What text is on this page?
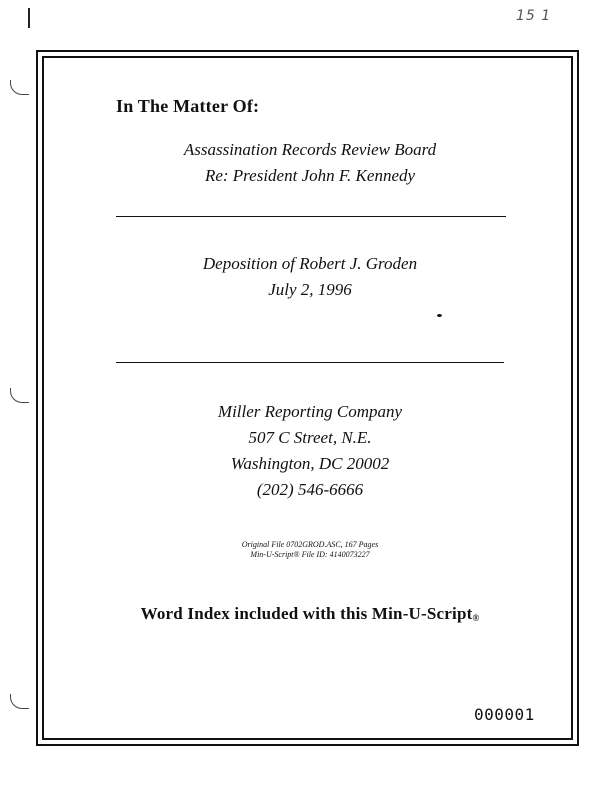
15 1
In The Matter Of:
Assassination Records Review Board
Re: President John F. Kennedy
Deposition of Robert J. Groden
July 2, 1996
Miller Reporting Company
507 C Street, N.E.
Washington, DC 20002
(202) 546-6666
Original File 0702GROD.ASC, 167 Pages
Min-U-Script® File ID: 4140073227
Word Index included with this Min-U-Script®
000001
